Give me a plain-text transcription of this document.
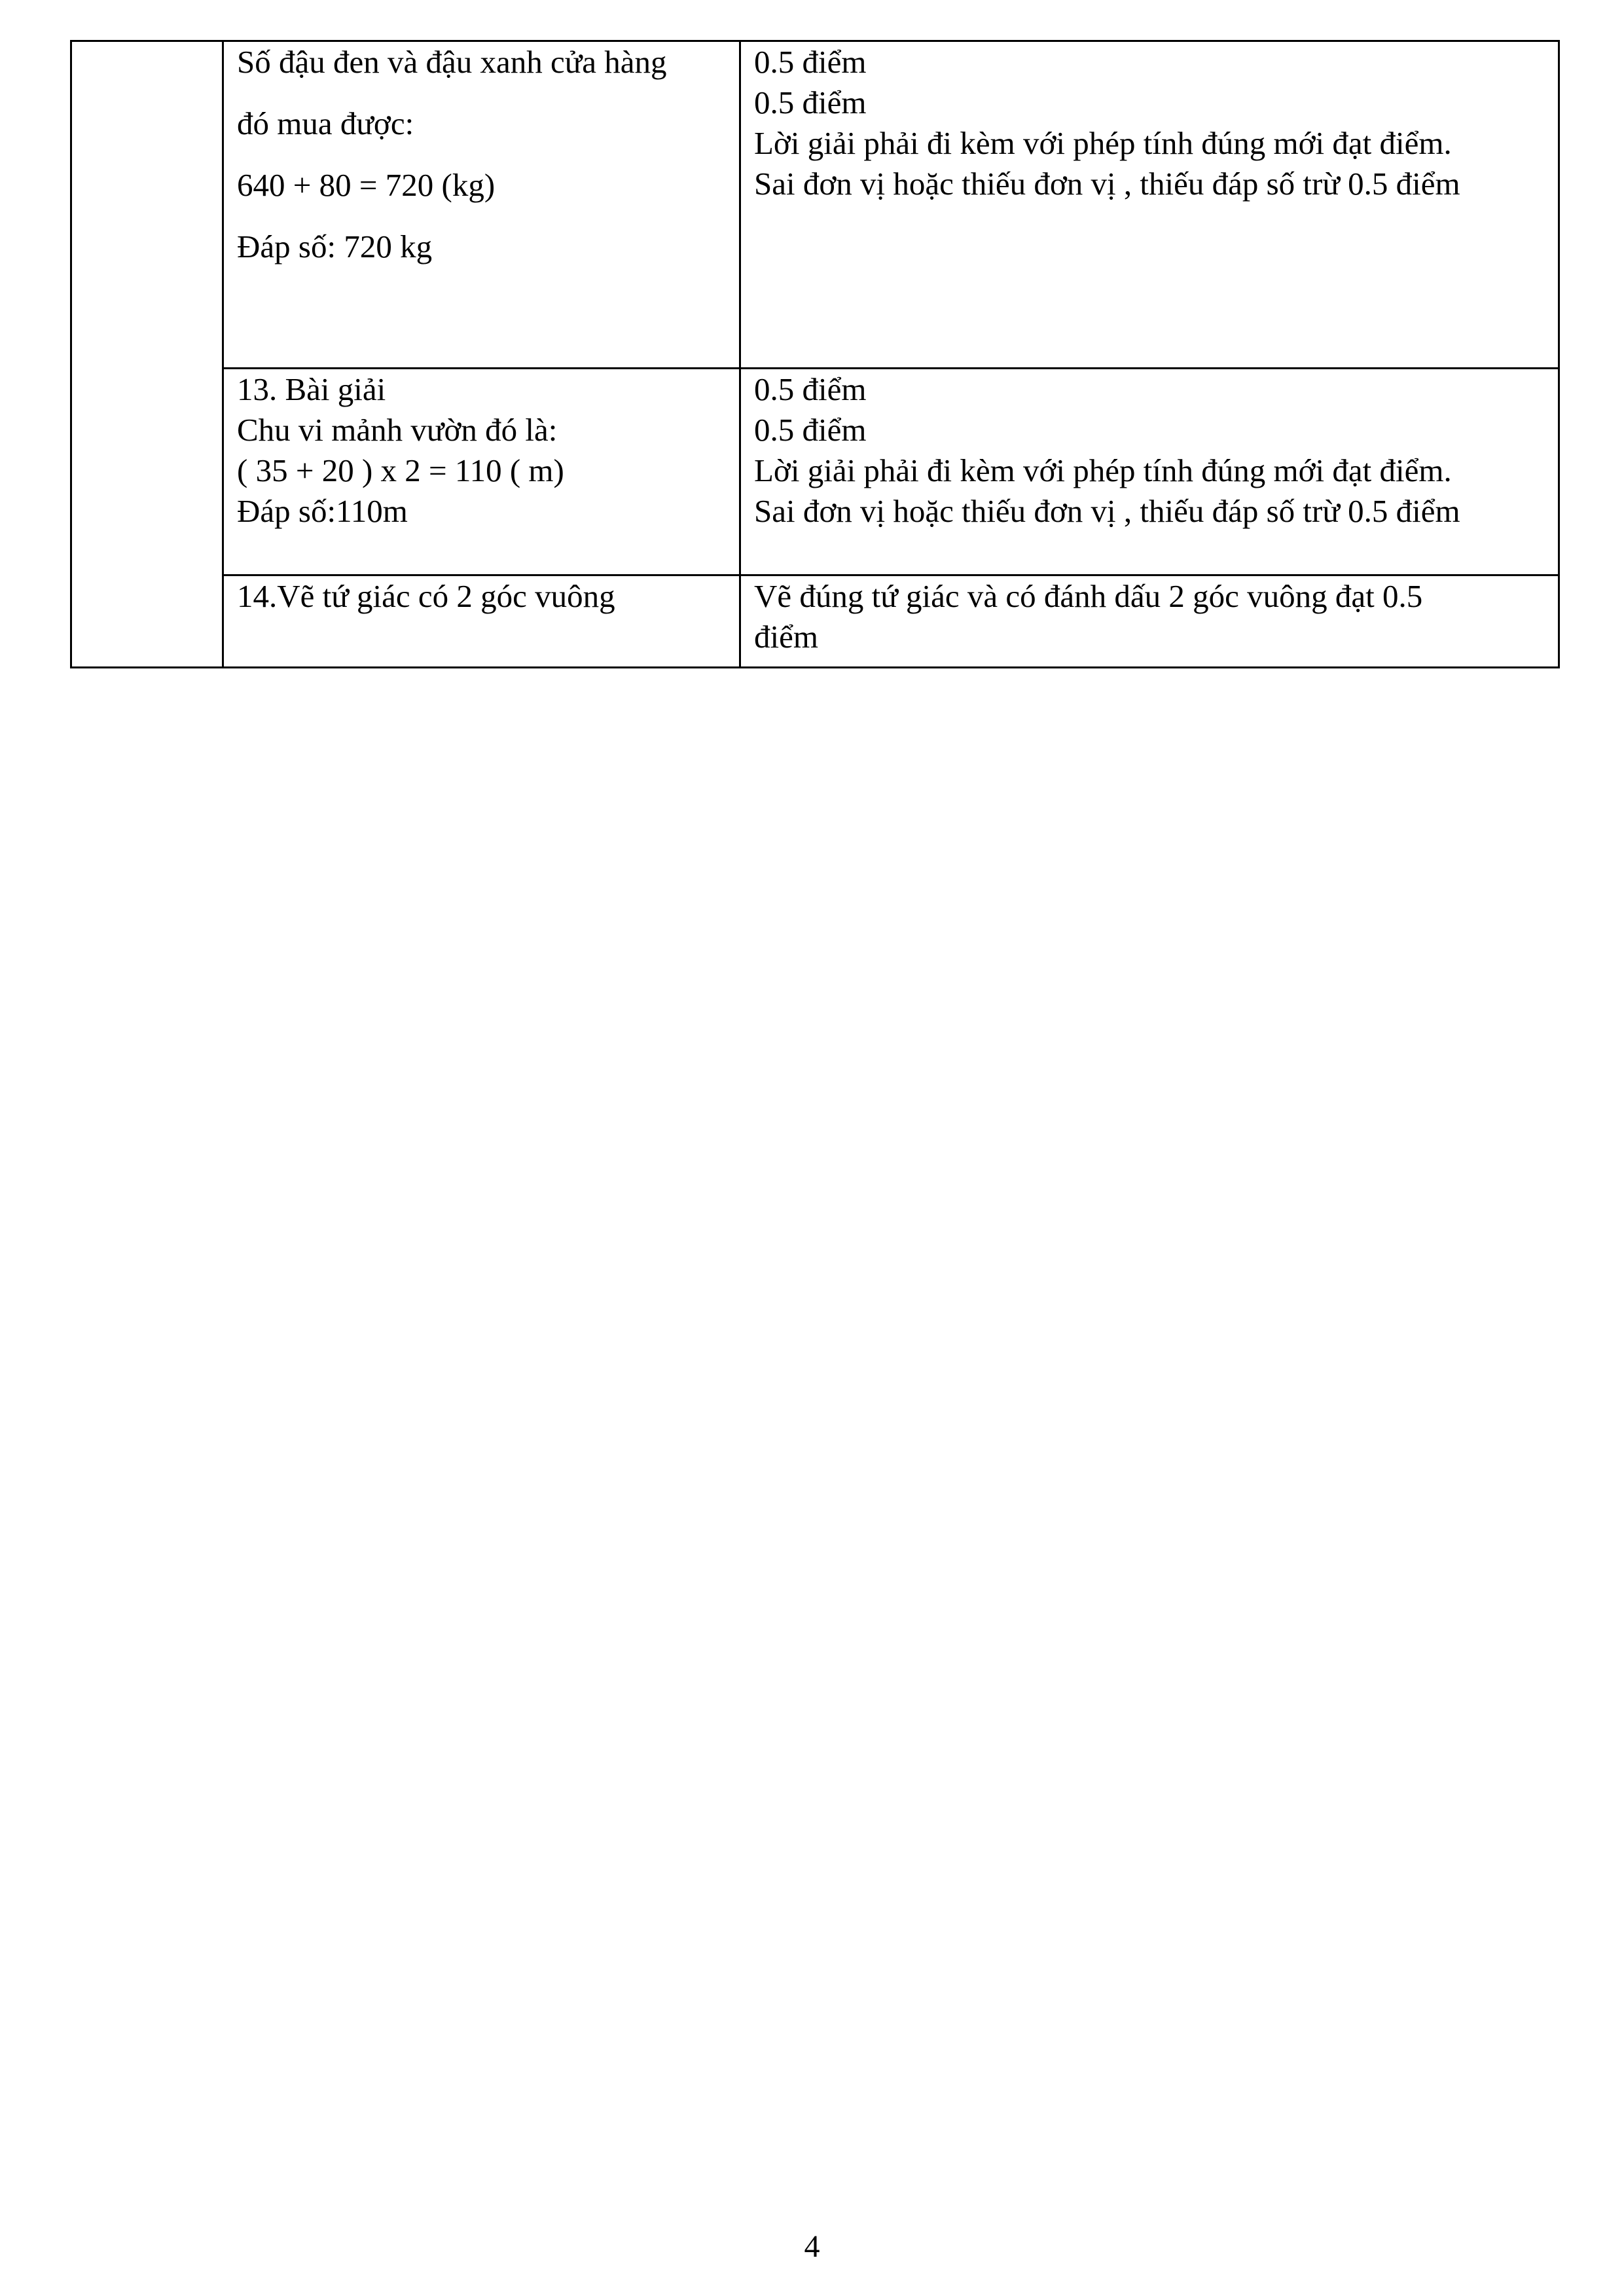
	Số đậu đen và đậu xanh cửa hàng
đó mua được:
640 + 80 = 720 (kg)
Đáp số: 720 kg	0.5 điểm
0.5 điểm
Lời giải phải đi kèm với phép tính đúng mới đạt điểm.
Sai đơn vị hoặc thiếu đơn vị , thiếu đáp số trừ 0.5 điểm

	13. Bài giải
Chu vi mảnh vườn đó là:
( 35 + 20 ) x 2 = 110 ( m)
Đáp số:110m	0.5 điểm
0.5 điểm
Lời giải phải đi kèm với phép tính đúng mới đạt điểm.
Sai đơn vị hoặc thiếu đơn vị , thiếu đáp số trừ 0.5 điểm

	14.Vẽ tứ giác có 2 góc vuông	Vẽ đúng tứ giác và có đánh dấu 2 góc vuông đạt 0.5
điểm
4
